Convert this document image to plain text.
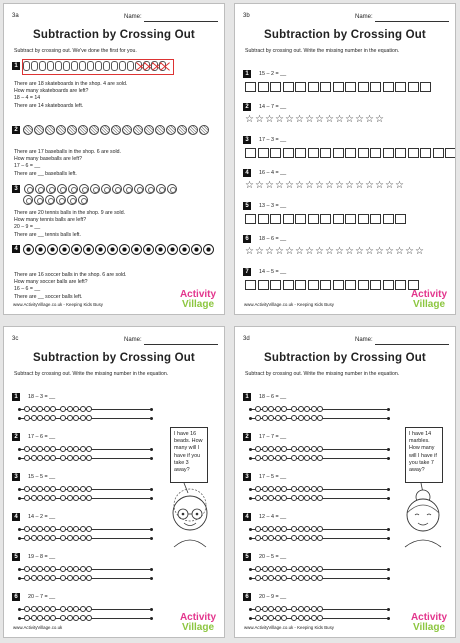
3a	Name:
Subtraction by Crossing Out
Subtract by crossing out. We've done the first for you.
1
There are 18 skateboards in the shop. 4 are sold.
How many skateboards are left?
18 – 4 = 14
There are 14 skateboards left.
2
There are 17 baseballs in the shop. 6 are sold.
How many baseballs are left?
17 – 6 = __
There are __ baseballs left.
3

There are 20 tennis balls in the shop. 9 are sold.
How many tennis balls are left?
20 – 9 = __
There are __ tennis balls left.
4
There are 16 soccer balls in the shop. 6 are sold.
How many soccer balls are left?
16 – 6 = __
There are __ soccer balls left.
www.ActivityVillage.co.uk - Keeping Kids Busy
Activity
Village
3b	Name:
Subtraction by Crossing Out
Subtract by crossing out. Write the missing number in the equation.
1	15 – 2 = __
2	14 – 7 = __
☆ ☆ ☆ ☆ ☆ ☆ ☆ ☆ ☆ ☆ ☆ ☆ ☆ ☆
3	17 – 3 = __
4	16 – 4 = __
☆ ☆ ☆ ☆ ☆ ☆ ☆ ☆ ☆ ☆ ☆ ☆ ☆ ☆ ☆ ☆
5	13 – 3 = __
6	18 – 6 = __
☆ ☆ ☆ ☆ ☆ ☆ ☆ ☆ ☆ ☆ ☆ ☆ ☆ ☆ ☆ ☆ ☆ ☆
7	14 – 5 = __
www.ActivityVillage.co.uk - Keeping Kids Busy
Activity
Village
3c	Name:
Subtraction by Crossing Out
Subtract by crossing out. Write the missing number in the equation.
1	18 – 3 = __
2	17 – 6 = __
3	15 – 5 = __
4	14 – 2 = __
5	19 – 8 = __
6	20 – 7 = __
I have 16
beads. How
many will I
have if you
take 3
away?
www.ActivityVillage.co.uk
Activity
Village
3d	Name:
Subtraction by Crossing Out
Subtract by crossing out. Write the missing number in the equation.
1	18 – 6 = __
2	17 – 7 = __
3	17 – 5 = __
4	12 – 4 = __
5	20 – 5 = __
6	20 – 9 = __
I have 14
marbles.
How many
will I have if
you take 7
away?
www.ActivityVillage.co.uk - Keeping Kids Busy
Activity
Village
